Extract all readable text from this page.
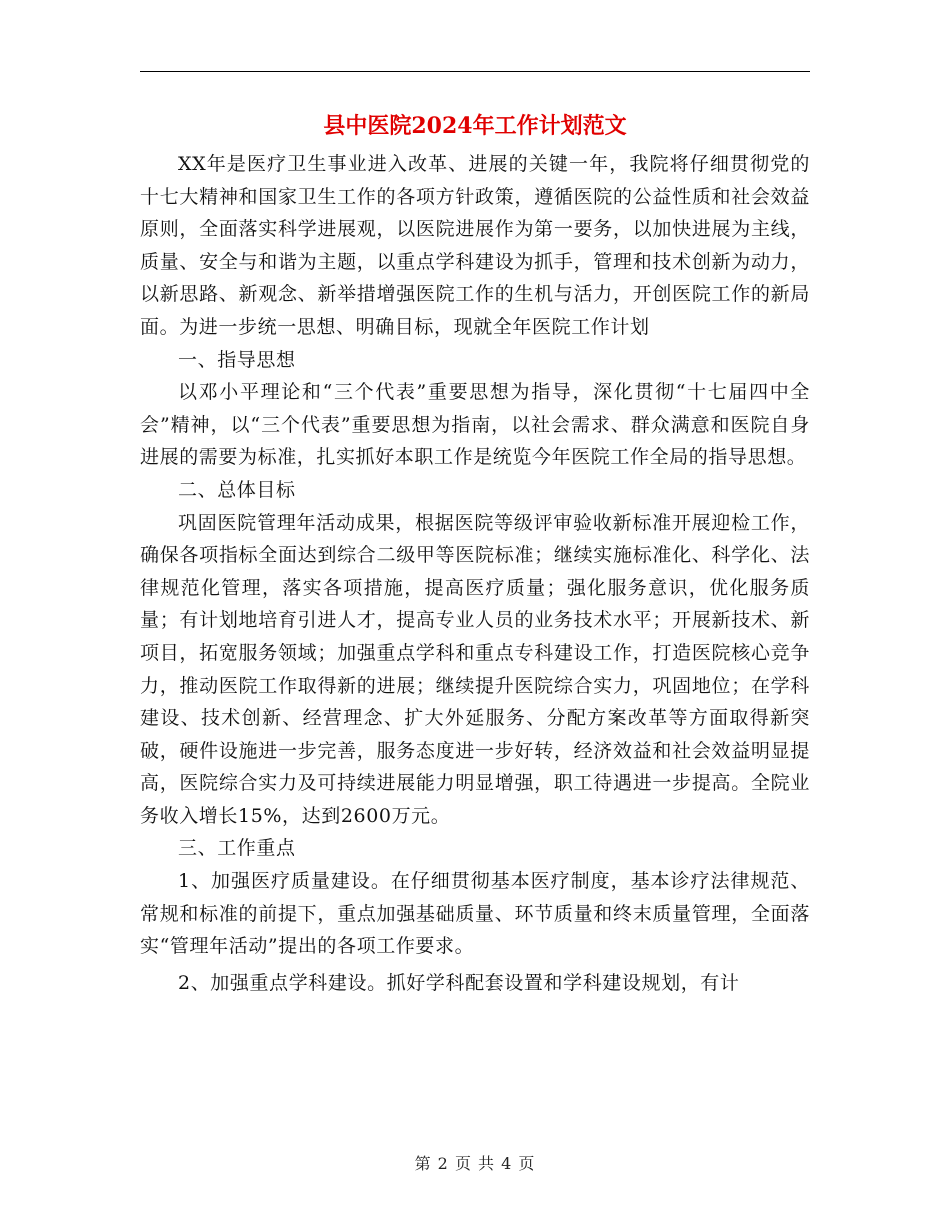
县中医院2024年工作计划范文

XX年是医疗卫生事业进入改革、进展的关键一年，我院将仔细贯彻党的十七大精神和国家卫生工作的各项方针政策，遵循医院的公益性质和社会效益原则，全面落实科学进展观，以医院进展作为第一要务，以加快进展为主线，质量、安全与和谐为主题，以重点学科建设为抓手，管理和技术创新为动力，以新思路、新观念、新举措增强医院工作的生机与活力，开创医院工作的新局面。为进一步统一思想、明确目标，现就全年医院工作计划

一、指导思想

以邓小平理论和“三个代表”重要思想为指导，深化贯彻“十七届四中全会”精神，以“三个代表”重要思想为指南，以社会需求、群众满意和医院自身进展的需要为标准，扎实抓好本职工作是统览今年医院工作全局的指导思想。

二、总体目标

巩固医院管理年活动成果，根据医院等级评审验收新标准开展迎检工作，确保各项指标全面达到综合二级甲等医院标准；继续实施标准化、科学化、法律规范化管理，落实各项措施，提高医疗质量；强化服务意识，优化服务质量；有计划地培育引进人才，提高专业人员的业务技术水平；开展新技术、新项目，拓宽服务领域；加强重点学科和重点专科建设工作，打造医院核心竞争力，推动医院工作取得新的进展；继续提升医院综合实力，巩固地位；在学科建设、技术创新、经营理念、扩大外延服务、分配方案改革等方面取得新突破，硬件设施进一步完善，服务态度进一步好转，经济效益和社会效益明显提高，医院综合实力及可持续进展能力明显增强，职工待遇进一步提高。全院业务收入增长15%，达到2600万元。

三、工作重点

1、加强医疗质量建设。在仔细贯彻基本医疗制度，基本诊疗法律规范、常规和标准的前提下，重点加强基础质量、环节质量和终末质量管理，全面落实“管理年活动”提出的各项工作要求。

2、加强重点学科建设。抓好学科配套设置和学科建设规划，有计

第 2 页 共 4 页
